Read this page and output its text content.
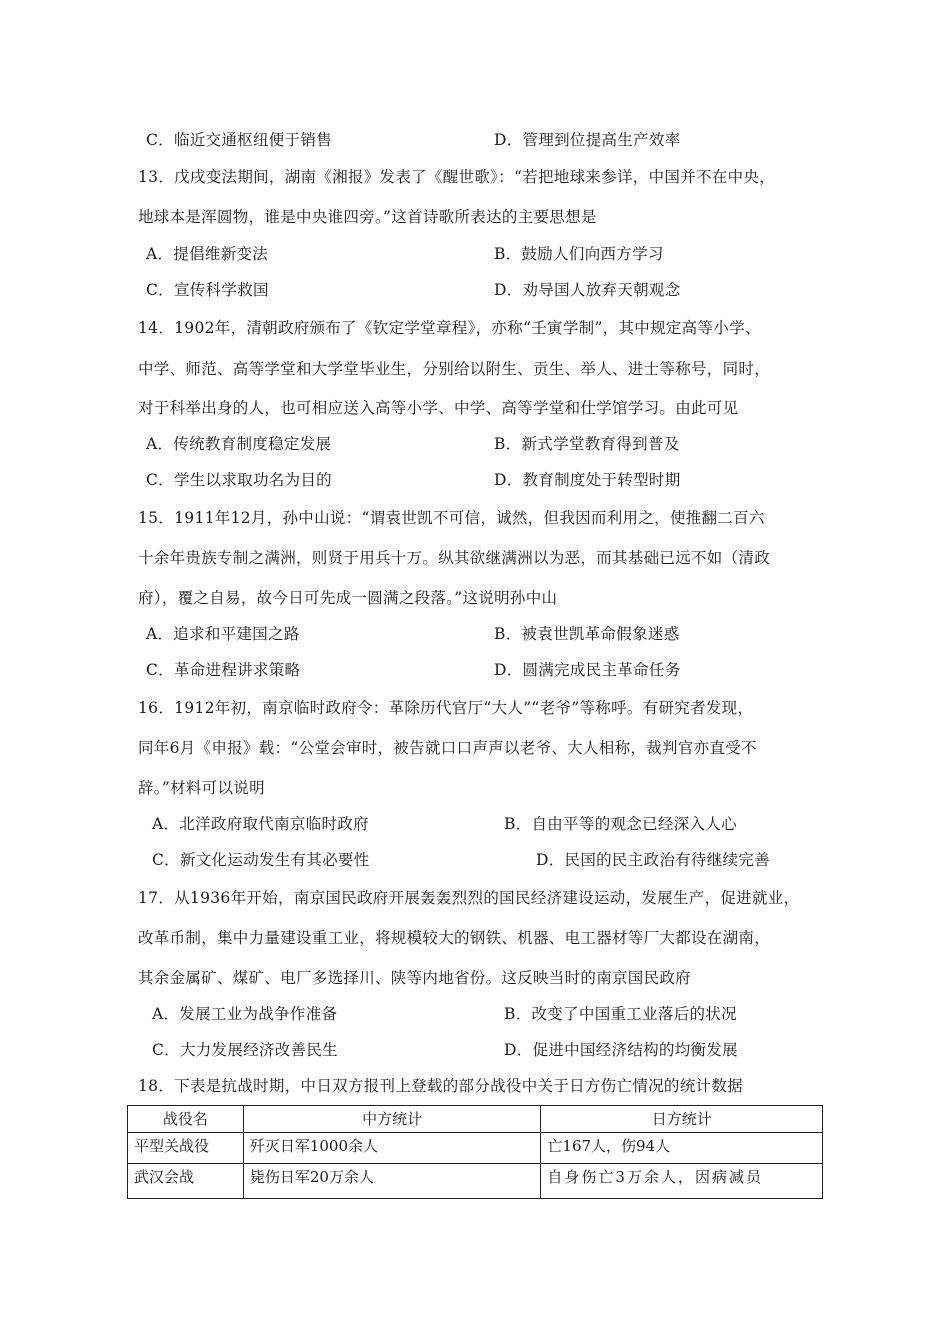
C．临近交通枢纽便于销售	D．管理到位提高生产效率
13．戊戌变法期间，湖南《湘报》发表了《醒世歌》：“若把地球来参详，中国并不在中央，
地球本是浑圆物，谁是中央谁四旁。”这首诗歌所表达的主要思想是
A．提倡维新变法	B．鼓励人们向西方学习
C．宣传科学救国	D．劝导国人放弃天朝观念
14．1902年，清朝政府颁布了《钦定学堂章程》，亦称“壬寅学制”，其中规定高等小学、
中学、师范、高等学堂和大学堂毕业生，分别给以附生、贡生、举人、进士等称号，同时，
对于科举出身的人，也可相应送入高等小学、中学、高等学堂和仕学馆学习。由此可见
A．传统教育制度稳定发展	B．新式学堂教育得到普及
C．学生以求取功名为目的	D．教育制度处于转型时期
15．1911年12月，孙中山说：“谓袁世凯不可信，诚然，但我因而利用之，使推翻二百六
十余年贵族专制之满洲，则贤于用兵十万。纵其欲继满洲以为恶，而其基础已远不如（清政
府），覆之自易，故今日可先成一圆满之段落。”这说明孙中山
A．追求和平建国之路	B．被袁世凯革命假象迷惑
C．革命进程讲求策略	D．圆满完成民主革命任务
16．1912年初，南京临时政府令：革除历代官厅“大人”“老爷”等称呼。有研究者发现，
同年6月《申报》载：“公堂会审时，被告就口口声声以老爷、大人相称，裁判官亦直受不
辞。”材料可以说明
A．北洋政府取代南京临时政府	B．自由平等的观念已经深入人心
C．新文化运动发生有其必要性	D．民国的民主政治有待继续完善
17．从1936年开始，南京国民政府开展轰轰烈烈的国民经济建设运动，发展生产，促进就业，
改革币制，集中力量建设重工业，将规模较大的钢铁、机器、电工器材等厂大都设在湖南，
其余金属矿、煤矿、电厂多选择川、陕等内地省份。这反映当时的南京国民政府
A．发展工业为战争作准备	B．改变了中国重工业落后的状况
C．大力发展经济改善民生	D．促进中国经济结构的均衡发展
18．下表是抗战时期，中日双方报刊上登载的部分战役中关于日方伤亡情况的统计数据
战役名	中方统计	日方统计
平型关战役	歼灭日军1000余人	亡167人，伤94人
武汉会战	毙伤日军20万余人	自身伤亡3万余人，因病减员
